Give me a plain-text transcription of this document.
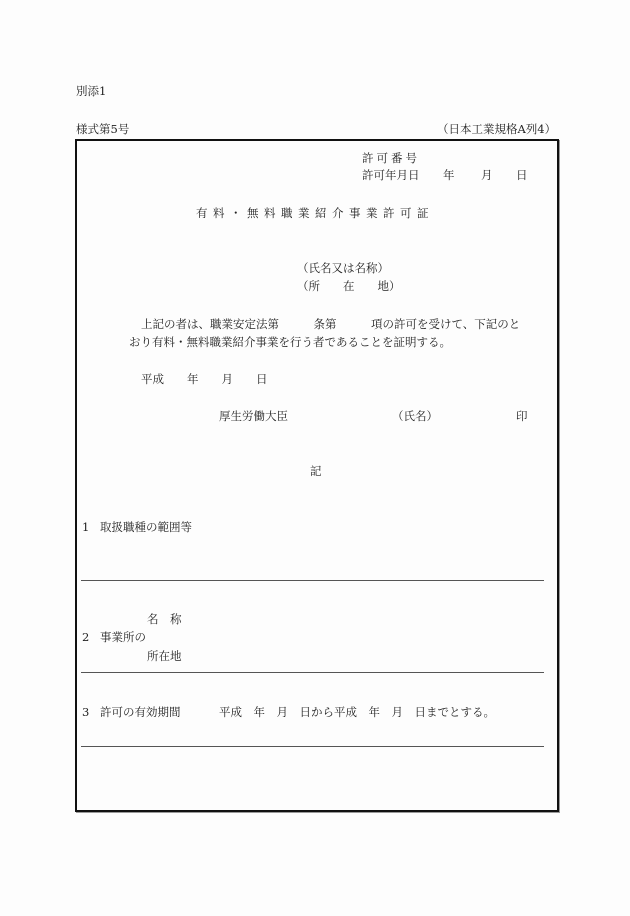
別添1
様式第5号	（日本工業規格A列4）
許可番号
許可年月日 年 月 日
有料・無料職業紹介事業許可証
（氏名又は名称）
（所　　在　　地）
上記の者は、職業安定法第　　　条第　　　項の許可を受けて、下記のと
おり有料・無料職業紹介事業を行う者であることを証明する。
平成　　年　　月　　日
厚生労働大臣	（氏名）	印
記
1 取扱職種の範囲等
名　称
2 事業所の
所在地
3 許可の有効期間	平成　年　月　日から平成　年　月　日までとする。
